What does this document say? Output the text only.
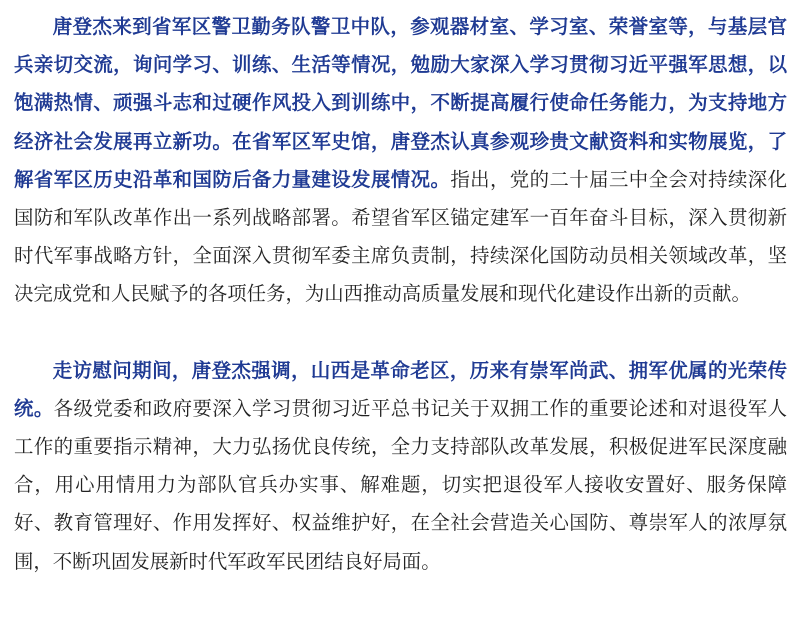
唐登杰来到省军区警卫勤务队警卫中队，参观器材室、学习室、荣誉室等，与基层官兵亲切交流，询问学习、训练、生活等情况，勉励大家深入学习贯彻习近平强军思想，以饱满热情、顽强斗志和过硬作风投入到训练中，不断提高履行使命任务能力，为支持地方经济社会发展再立新功。在省军区军史馆，唐登杰认真参观珍贵文献资料和实物展览，了解省军区历史沿革和国防后备力量建设发展情况。指出，党的二十届三中全会对持续深化国防和军队改革作出一系列战略部署。希望省军区锚定建军一百年奋斗目标，深入贯彻新时代军事战略方针，全面深入贯彻军委主席负责制，持续深化国防动员相关领域改革，坚决完成党和人民赋予的各项任务，为山西推动高质量发展和现代化建设作出新的贡献。

走访慰问期间，唐登杰强调，山西是革命老区，历来有崇军尚武、拥军优属的光荣传统。各级党委和政府要深入学习贯彻习近平总书记关于双拥工作的重要论述和对退役军人工作的重要指示精神，大力弘扬优良传统，全力支持部队改革发展，积极促进军民深度融合，用心用情用力为部队官兵办实事、解难题，切实把退役军人接收安置好、服务保障好、教育管理好、作用发挥好、权益维护好，在全社会营造关心国防、尊崇军人的浓厚氛围，不断巩固发展新时代军政军民团结良好局面。
